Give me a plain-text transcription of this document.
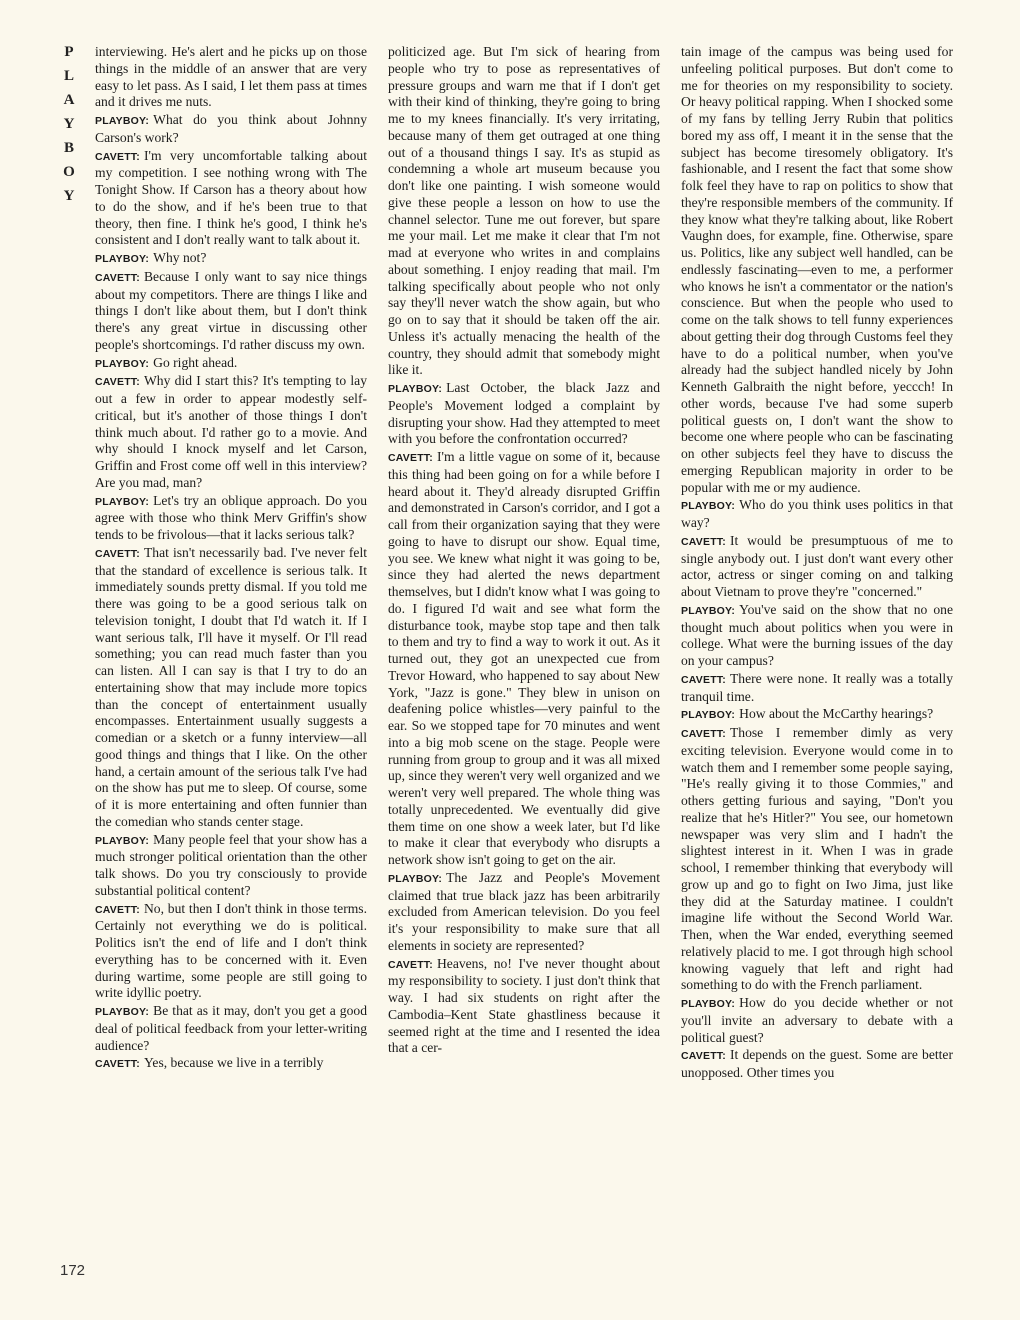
P
L
A
Y
B
O
Y

interviewing. He's alert and he picks up on those things in the middle of an answer that are very easy to let pass. As I said, I let them pass at times and it drives me nuts.

PLAYBOY: What do you think about Johnny Carson's work?

CAVETT: I'm very uncomfortable talking about my competition. I see nothing wrong with The Tonight Show. If Carson has a theory about how to do the show, and if he's been true to that theory, then fine. I think he's good, I think he's consistent and I don't really want to talk about it.

PLAYBOY: Why not?

CAVETT: Because I only want to say nice things about my competitors. There are things I like and things I don't like about them, but I don't think there's any great virtue in discussing other people's shortcomings. I'd rather discuss my own.

PLAYBOY: Go right ahead.

CAVETT: Why did I start this? It's tempting to lay out a few in order to appear modestly self-critical, but it's another of those things I don't think much about. I'd rather go to a movie. And why should I knock myself and let Carson, Griffin and Frost come off well in this interview? Are you mad, man?

PLAYBOY: Let's try an oblique approach. Do you agree with those who think Merv Griffin's show tends to be frivolous—that it lacks serious talk?

CAVETT: That isn't necessarily bad. I've never felt that the standard of excellence is serious talk. It immediately sounds pretty dismal. If you told me there was going to be a good serious talk on television tonight, I doubt that I'd watch it. If I want serious talk, I'll have it myself. Or I'll read something; you can read much faster than you can listen. All I can say is that I try to do an entertaining show that may include more topics than the concept of entertainment usually encompasses. Entertainment usually suggests a comedian or a sketch or a funny interview—all good things and things that I like. On the other hand, a certain amount of the serious talk I've had on the show has put me to sleep. Of course, some of it is more entertaining and often funnier than the comedian who stands center stage.

PLAYBOY: Many people feel that your show has a much stronger political orientation than the other talk shows. Do you try consciously to provide substantial political content?

CAVETT: No, but then I don't think in those terms. Certainly not everything we do is political. Politics isn't the end of life and I don't think everything has to be concerned with it. Even during wartime, some people are still going to write idyllic poetry.

PLAYBOY: Be that as it may, don't you get a good deal of political feedback from your letter-writing audience?

CAVETT: Yes, because we live in a terribly

politicized age. But I'm sick of hearing from people who try to pose as representatives of pressure groups and warn me that if I don't get with their kind of thinking, they're going to bring me to my knees financially. It's very irritating, because many of them get outraged at one thing out of a thousand things I say. It's as stupid as condemning a whole art museum because you don't like one painting. I wish someone would give these people a lesson on how to use the channel selector. Tune me out forever, but spare me your mail. Let me make it clear that I'm not mad at everyone who writes in and complains about something. I enjoy reading that mail. I'm talking specifically about people who not only say they'll never watch the show again, but who go on to say that it should be taken off the air. Unless it's actually menacing the health of the country, they should admit that somebody might like it.

PLAYBOY: Last October, the black Jazz and People's Movement lodged a complaint by disrupting your show. Had they attempted to meet with you before the confrontation occurred?

CAVETT: I'm a little vague on some of it, because this thing had been going on for a while before I heard about it. They'd already disrupted Griffin and demonstrated in Carson's corridor, and I got a call from their organization saying that they were going to have to disrupt our show. Equal time, you see. We knew what night it was going to be, since they had alerted the news department themselves, but I didn't know what I was going to do. I figured I'd wait and see what form the disturbance took, maybe stop tape and then talk to them and try to find a way to work it out. As it turned out, they got an unexpected cue from Trevor Howard, who happened to say about New York, "Jazz is gone." They blew in unison on deafening police whistles—very painful to the ear. So we stopped tape for 70 minutes and went into a big mob scene on the stage. People were running from group to group and it was all mixed up, since they weren't very well organized and we weren't very well prepared. The whole thing was totally unprecedented. We eventually did give them time on one show a week later, but I'd like to make it clear that everybody who disrupts a network show isn't going to get on the air.

PLAYBOY: The Jazz and People's Movement claimed that true black jazz has been arbitrarily excluded from American television. Do you feel it's your responsibility to make sure that all elements in society are represented?

CAVETT: Heavens, no! I've never thought about my responsibility to society. I just don't think that way. I had six students on right after the Cambodia–Kent State ghastliness because it seemed right at the time and I resented the idea that a cer-

tain image of the campus was being used for unfeeling political purposes. But don't come to me for theories on my responsibility to society. Or heavy political rapping. When I shocked some of my fans by telling Jerry Rubin that politics bored my ass off, I meant it in the sense that the subject has become tiresomely obligatory. It's fashionable, and I resent the fact that some show folk feel they have to rap on politics to show that they're responsible members of the community. If they know what they're talking about, like Robert Vaughn does, for example, fine. Otherwise, spare us. Politics, like any subject well handled, can be endlessly fascinating—even to me, a performer who knows he isn't a commentator or the nation's conscience. But when the people who used to come on the talk shows to tell funny experiences about getting their dog through Customs feel they have to do a political number, when you've already had the subject handled nicely by John Kenneth Galbraith the night before, yeccch! In other words, because I've had some superb political guests on, I don't want the show to become one where people who can be fascinating on other subjects feel they have to discuss the emerging Republican majority in order to be popular with me or my audience.

PLAYBOY: Who do you think uses politics in that way?

CAVETT: It would be presumptuous of me to single anybody out. I just don't want every other actor, actress or singer coming on and talking about Vietnam to prove they're "concerned."

PLAYBOY: You've said on the show that no one thought much about politics when you were in college. What were the burning issues of the day on your campus?

CAVETT: There were none. It really was a totally tranquil time.

PLAYBOY: How about the McCarthy hearings?

CAVETT: Those I remember dimly as very exciting television. Everyone would come in to watch them and I remember some people saying, "He's really giving it to those Commies," and others getting furious and saying, "Don't you realize that he's Hitler?" You see, our hometown newspaper was very slim and I hadn't the slightest interest in it. When I was in grade school, I remember thinking that everybody will grow up and go to fight on Iwo Jima, just like they did at the Saturday matinee. I couldn't imagine life without the Second World War. Then, when the War ended, everything seemed relatively placid to me. I got through high school knowing vaguely that left and right had something to do with the French parliament.

PLAYBOY: How do you decide whether or not you'll invite an adversary to debate with a political guest?

CAVETT: It depends on the guest. Some are better unopposed. Other times you

172
